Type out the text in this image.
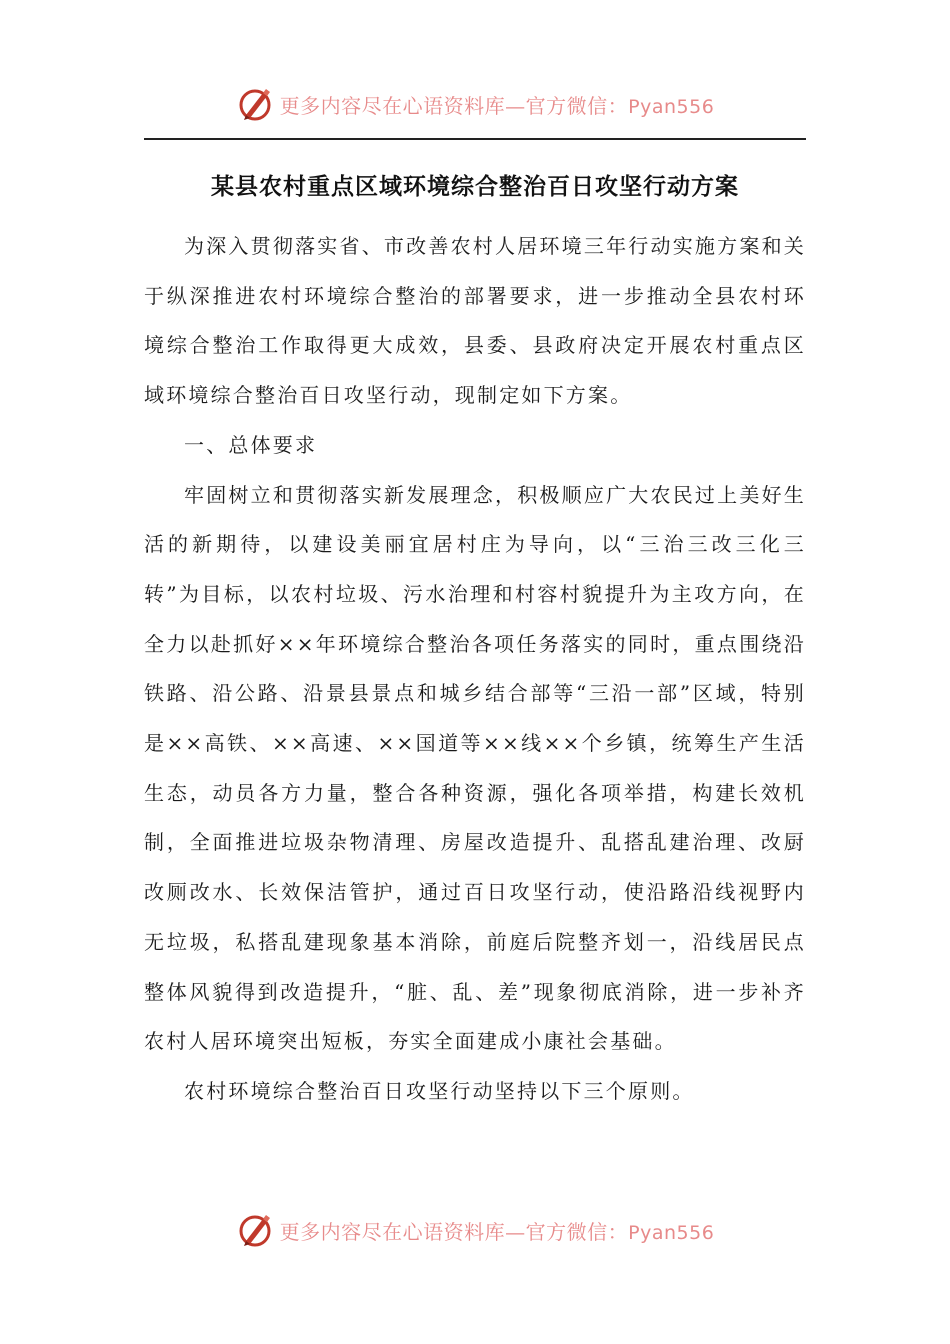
更多内容尽在心语资料库—官方微信：Pyan556
某县农村重点区域环境综合整治百日攻坚行动方案

为深入贯彻落实省、市改善农村人居环境三年行动实施方案和关于纵深推进农村环境综合整治的部署要求，进一步推动全县农村环境综合整治工作取得更大成效，县委、县政府决定开展农村重点区域环境综合整治百日攻坚行动，现制定如下方案。

一、总体要求

牢固树立和贯彻落实新发展理念，积极顺应广大农民过上美好生活的新期待，以建设美丽宜居村庄为导向，以“三治三改三化三转”为目标，以农村垃圾、污水治理和村容村貌提升为主攻方向，在全力以赴抓好××年环境综合整治各项任务落实的同时，重点围绕沿铁路、沿公路、沿景县景点和城乡结合部等“三沿一部”区域，特别是××高铁、××高速、××国道等××线××个乡镇，统筹生产生活生态，动员各方力量，整合各种资源，强化各项举措，构建长效机制，全面推进垃圾杂物清理、房屋改造提升、乱搭乱建治理、改厨改厕改水、长效保洁管护，通过百日攻坚行动，使沿路沿线视野内无垃圾，私搭乱建现象基本消除，前庭后院整齐划一，沿线居民点整体风貌得到改造提升，“脏、乱、差”现象彻底消除，进一步补齐农村人居环境突出短板，夯实全面建成小康社会基础。

农村环境综合整治百日攻坚行动坚持以下三个原则。

更多内容尽在心语资料库—官方微信：Pyan556
